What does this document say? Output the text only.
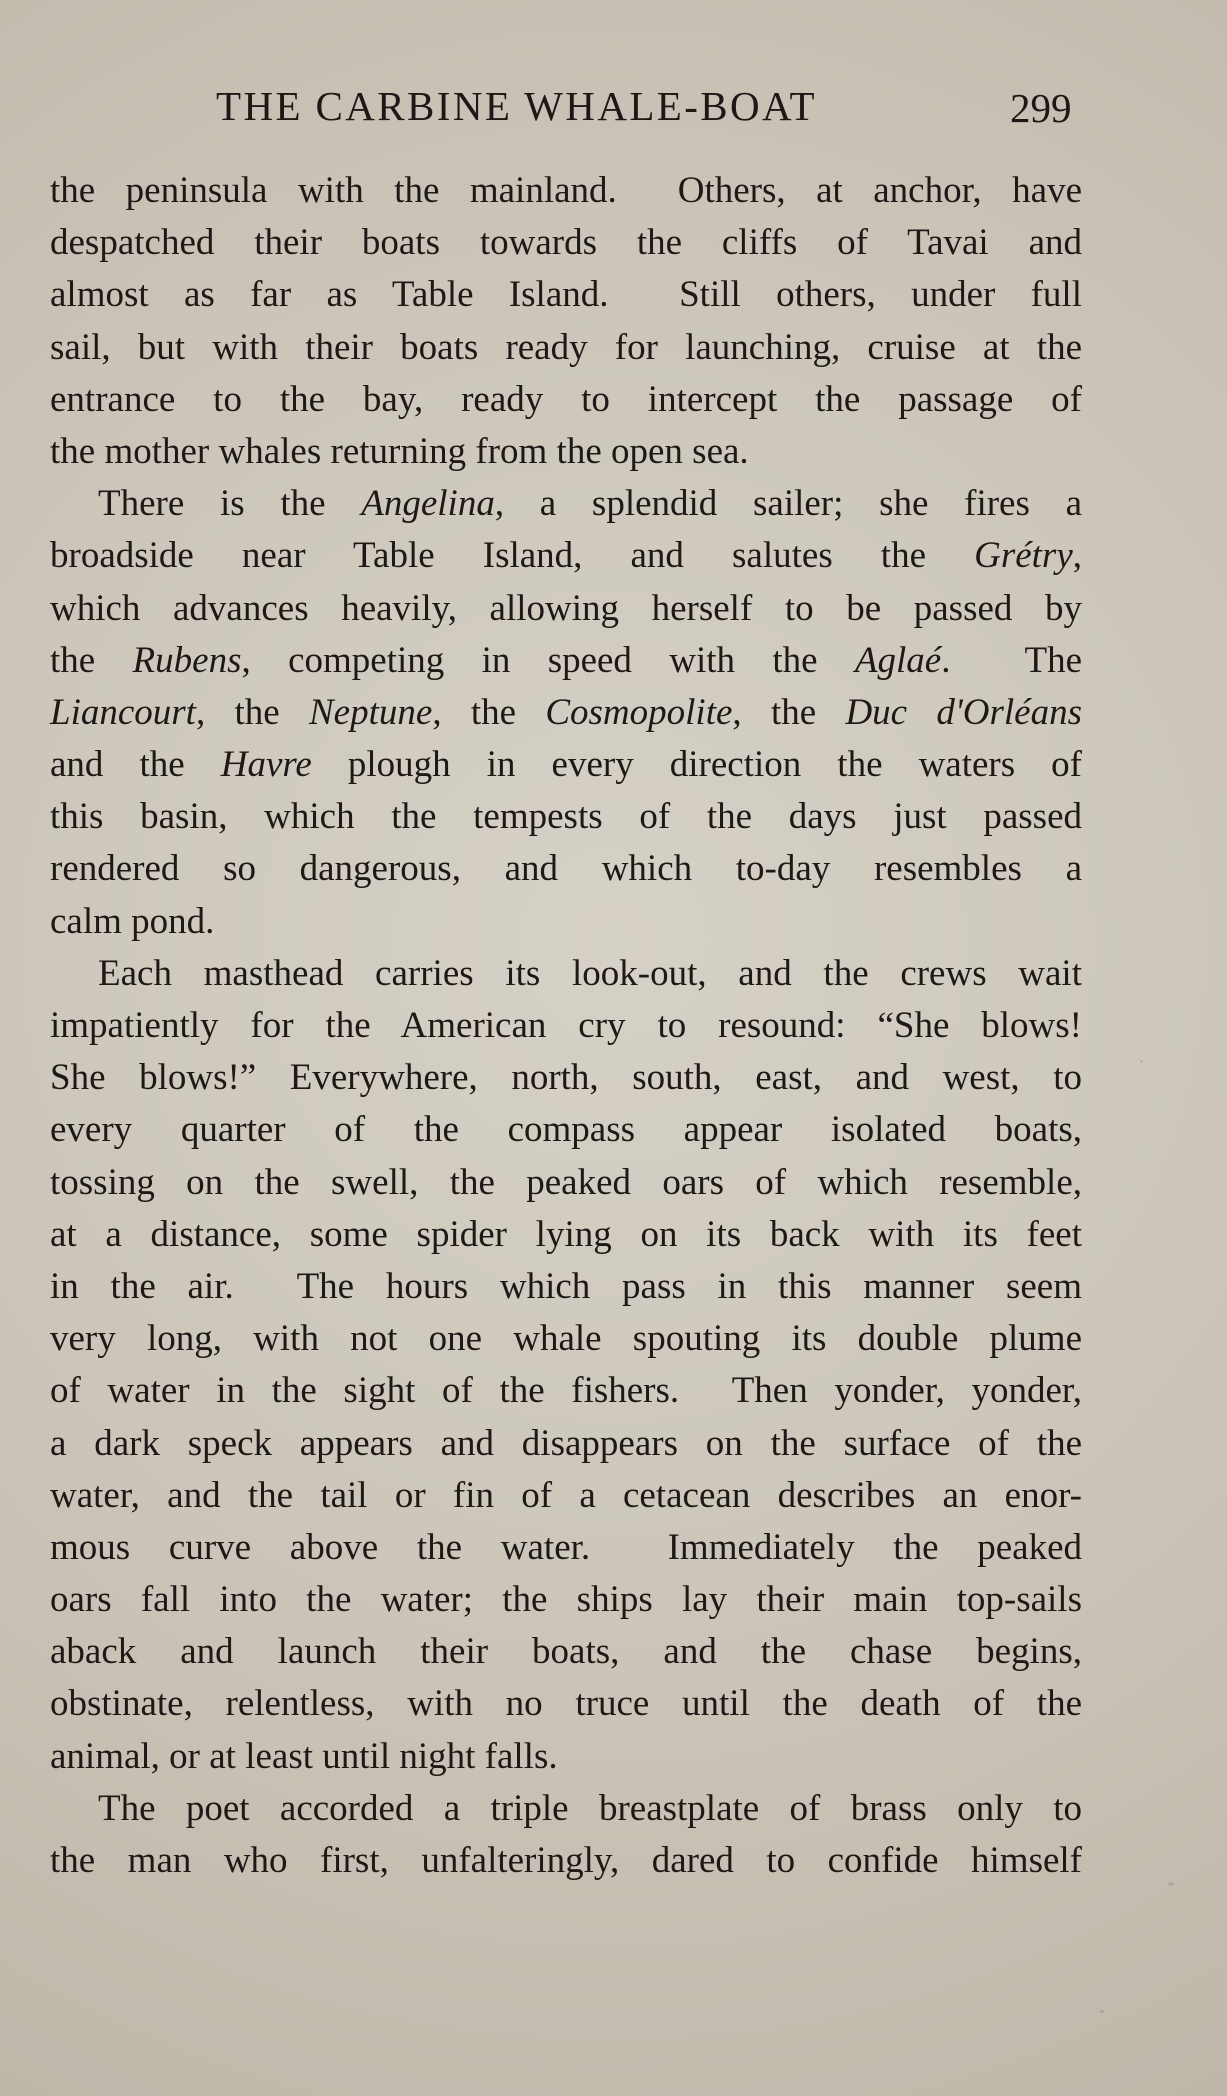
THE CARBINE WHALE-BOAT	299
the peninsula with the mainland.  Others, at anchor, have
despatched their boats towards the cliffs of Tavai and
almost as far as Table Island.  Still others, under full
sail, but with their boats ready for launching, cruise at the
entrance to the bay, ready to intercept the passage of
the mother whales returning from the open sea.
There is the Angelina, a splendid sailer; she fires a
broadside near Table Island, and salutes the Grétry,
which advances heavily, allowing herself to be passed by
the Rubens, competing in speed with the Aglaé.  The
Liancourt, the Neptune, the Cosmopolite, the Duc d'Orléans
and the Havre plough in every direction the waters of
this basin, which the tempests of the days just passed
rendered so dangerous, and which to-day resembles a
calm pond.
Each masthead carries its look-out, and the crews wait
impatiently for the American cry to resound: “She blows!
She blows!” Everywhere, north, south, east, and west, to
every quarter of the compass appear isolated boats,
tossing on the swell, the peaked oars of which resemble,
at a distance, some spider lying on its back with its feet
in the air.  The hours which pass in this manner seem
very long, with not one whale spouting its double plume
of water in the sight of the fishers.  Then yonder, yonder,
a dark speck appears and disappears on the surface of the
water, and the tail or fin of a cetacean describes an enor-
mous curve above the water.  Immediately the peaked
oars fall into the water; the ships lay their main top-sails
aback and launch their boats, and the chase begins,
obstinate, relentless, with no truce until the death of the
animal, or at least until night falls.
The poet accorded a triple breastplate of brass only to
the man who first, unfalteringly, dared to confide himself
